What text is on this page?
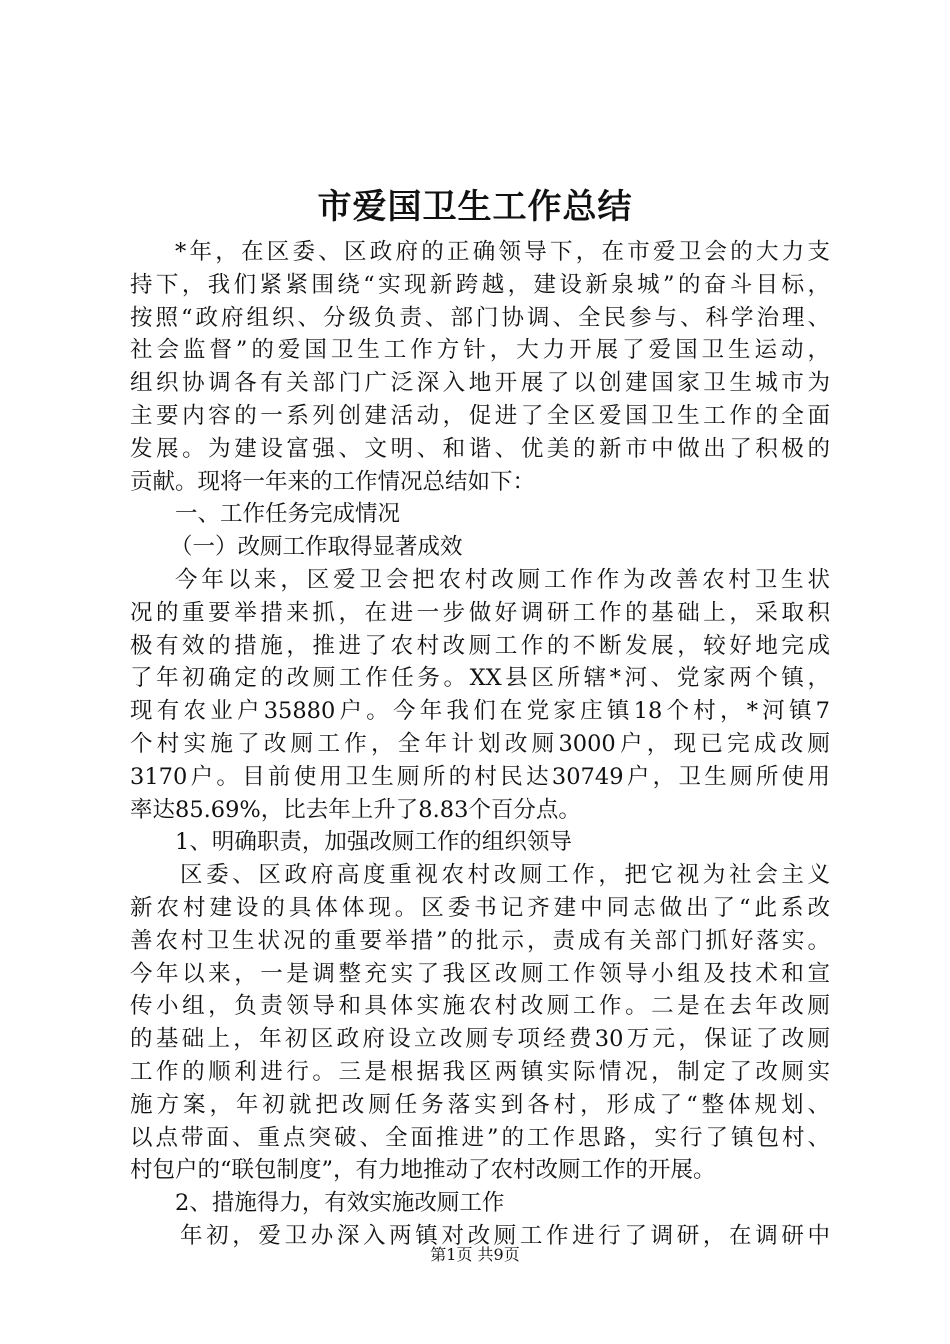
市爱国卫生工作总结
*年，在区委、区政府的正确领导下，在市爱卫会的大力支
持下，我们紧紧围绕“实现新跨越，建设新泉城”的奋斗目标，
按照“政府组织、分级负责、部门协调、全民参与、科学治理、
社会监督”的爱国卫生工作方针，大力开展了爱国卫生运动，
组织协调各有关部门广泛深入地开展了以创建国家卫生城市为
主要内容的一系列创建活动，促进了全区爱国卫生工作的全面
发展。为建设富强、文明、和谐、优美的新市中做出了积极的
贡献。现将一年来的工作情况总结如下：
一、工作任务完成情况
（一）改厕工作取得显著成效
今年以来，区爱卫会把农村改厕工作作为改善农村卫生状
况的重要举措来抓，在进一步做好调研工作的基础上，采取积
极有效的措施，推进了农村改厕工作的不断发展，较好地完成
了年初确定的改厕工作任务。XX县区所辖*河、党家两个镇，
现有农业户35880户。今年我们在党家庄镇18个村，*河镇7
个村实施了改厕工作，全年计划改厕3000户，现已完成改厕
3170户。目前使用卫生厕所的村民达30749户，卫生厕所使用
率达85.69%，比去年上升了8.83个百分点。
1、明确职责，加强改厕工作的组织领导
区委、区政府高度重视农村改厕工作，把它视为社会主义
新农村建设的具体体现。区委书记齐建中同志做出了“此系改
善农村卫生状况的重要举措”的批示，责成有关部门抓好落实。
今年以来，一是调整充实了我区改厕工作领导小组及技术和宣
传小组，负责领导和具体实施农村改厕工作。二是在去年改厕
的基础上，年初区政府设立改厕专项经费30万元，保证了改厕
工作的顺利进行。三是根据我区两镇实际情况，制定了改厕实
施方案，年初就把改厕任务落实到各村，形成了“整体规划、
以点带面、重点突破、全面推进”的工作思路，实行了镇包村、
村包户的“联包制度”，有力地推动了农村改厕工作的开展。
2、措施得力，有效实施改厕工作
年初，爱卫办深入两镇对改厕工作进行了调研，在调研中
第1页 共9页
